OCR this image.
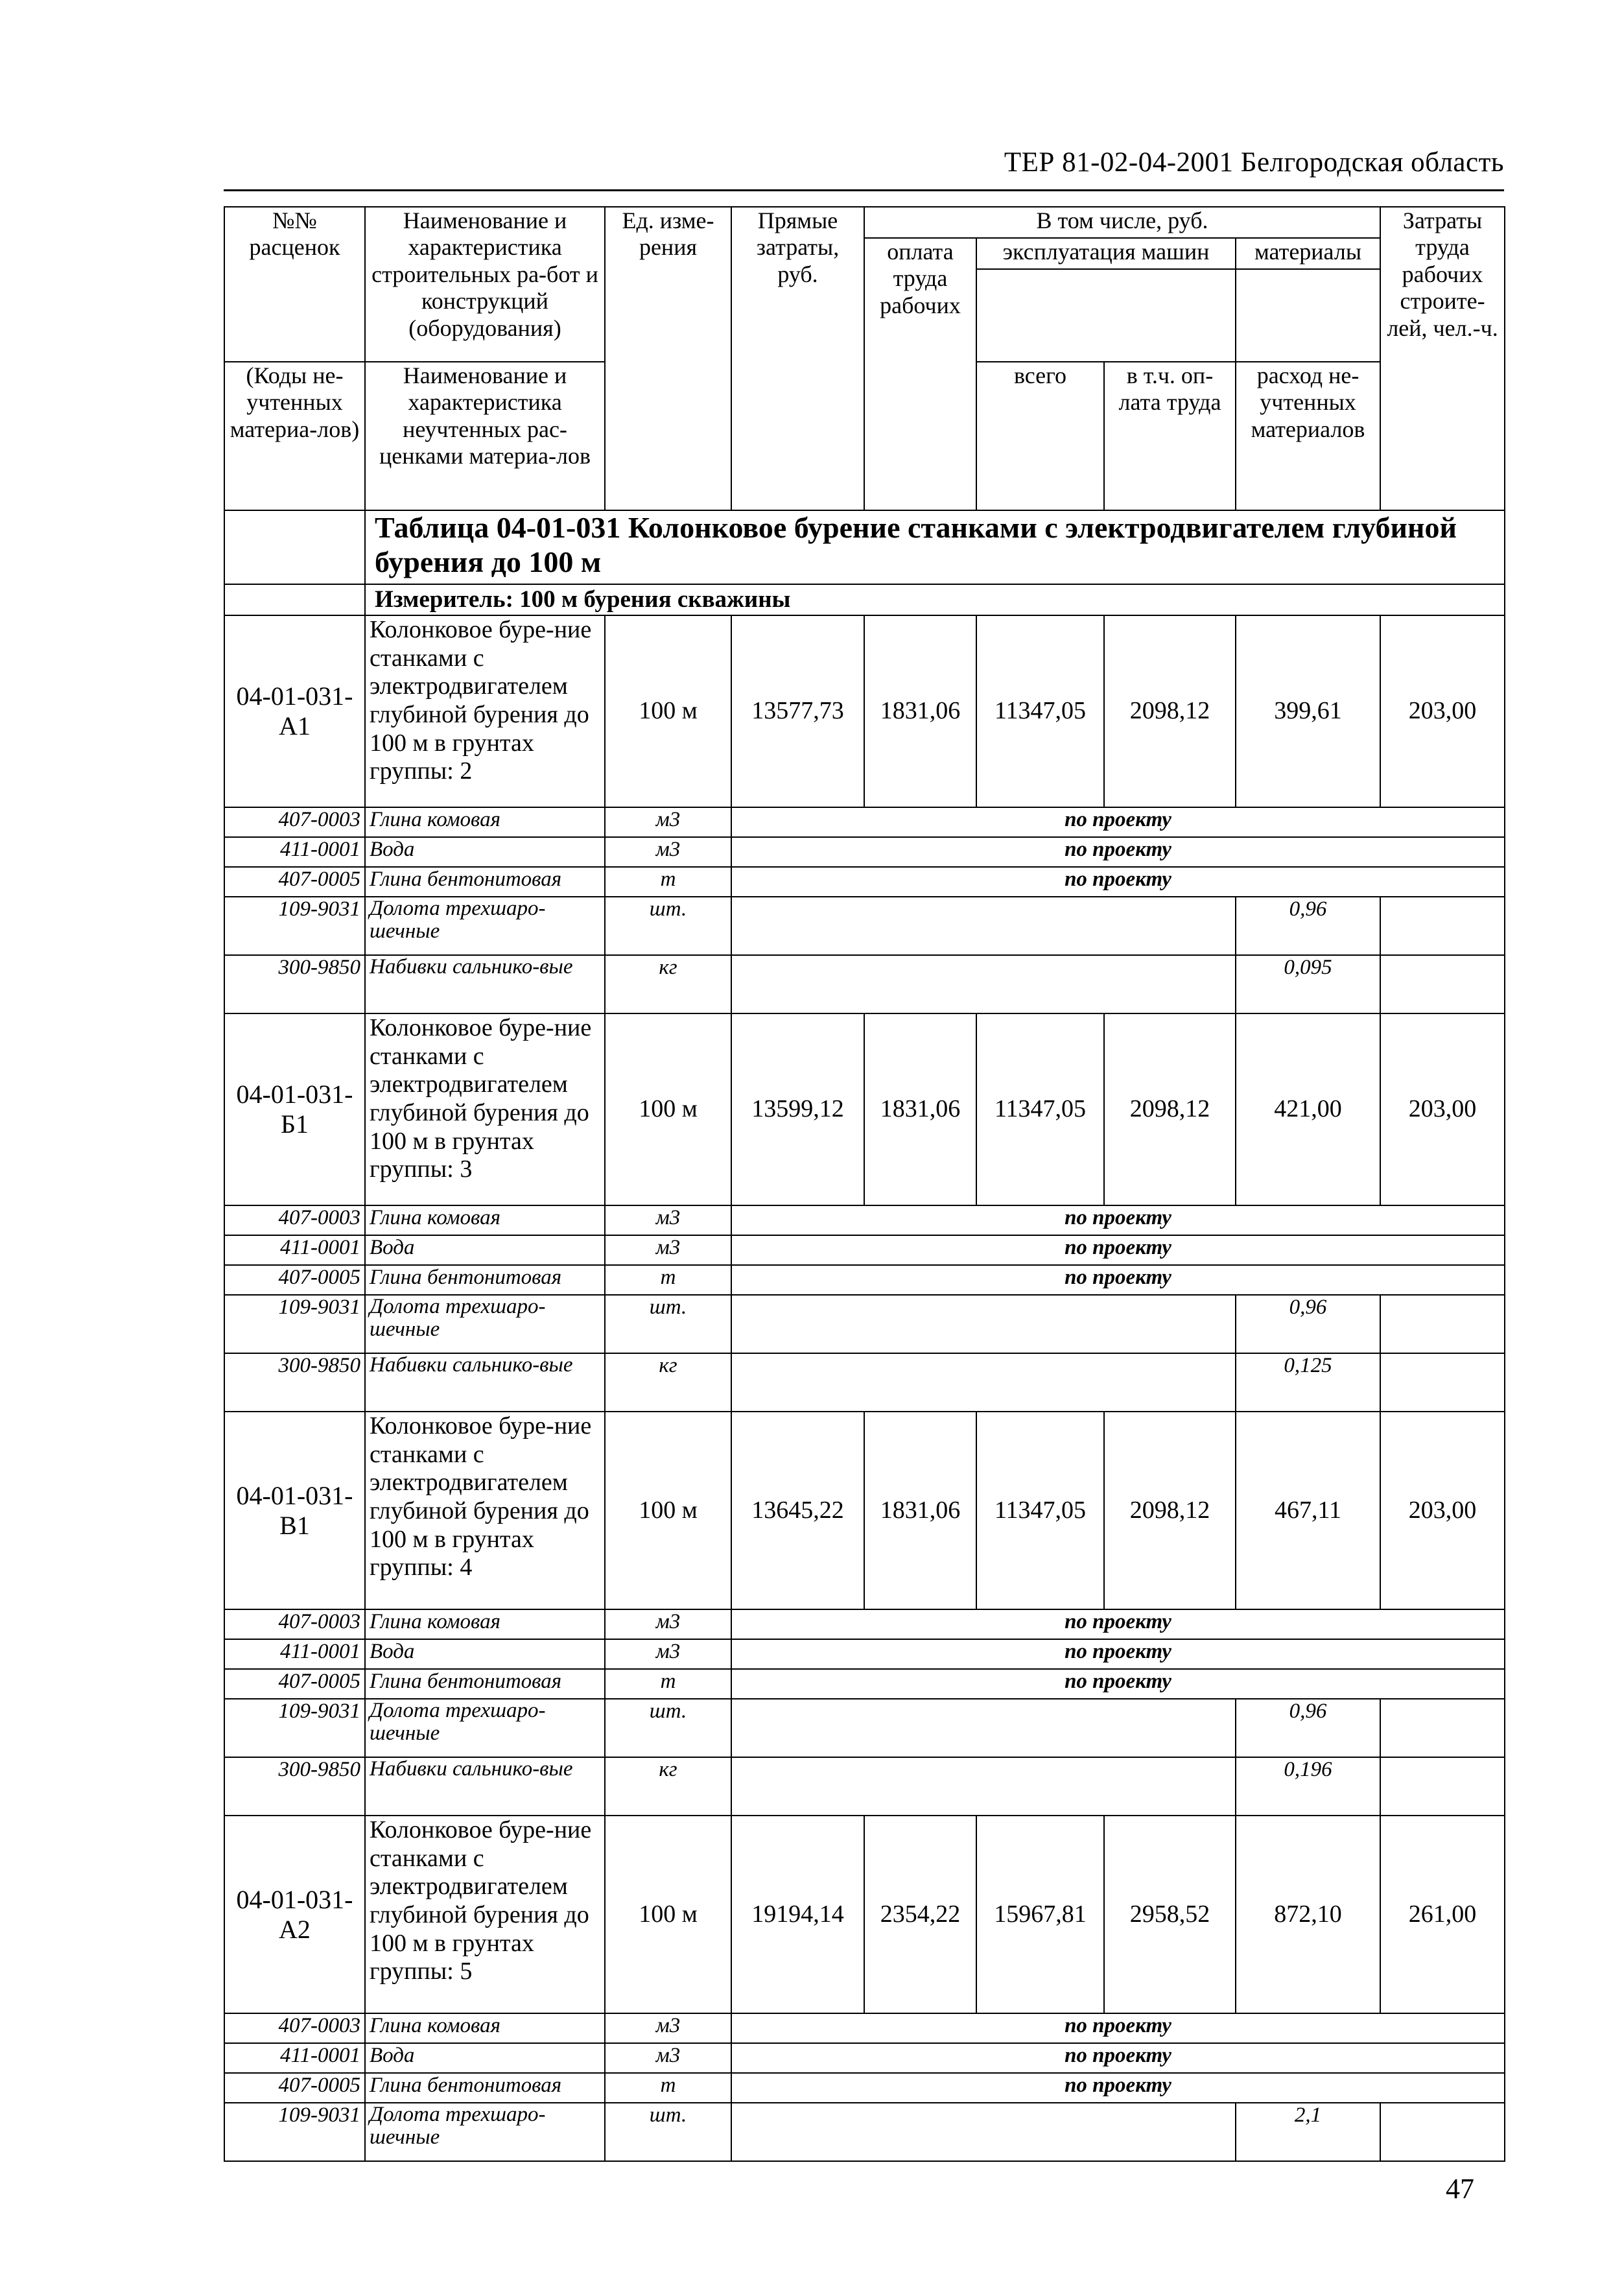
ТЕР 81-02-04-2001 Белгородская область
№№ расценок	Наименование и характеристика строительных ра-бот и конструкций (оборудования)	Ед. изме-рения	Прямые затраты, руб.	В том числе, руб.				Затраты труда рабочих строите-лей, чел.-ч.
				оплата труда рабочих	эксплуатация машин		материалы	

(Коды не-учтенных материа-лов)	Наименование и характеристика неучтенных рас-ценками материа-лов				всего	в т.ч. оп-лата труда	расход не-учтенных материалов	

	Таблица 04-01-031 Колонковое бурение станками с электродвигателем глубиной бурения до 100 м							
	Измеритель: 100 м бурения скважины							
04-01-031-А1	Колонковое буре-ние станками с электродвигателем глубиной бурения до 100 м в грунтах группы: 2	100 м	13577,73	1831,06	11347,05	2098,12	399,61	203,00
407-0003	Глина комовая	м3	по проекту					
411-0001	Вода	м3	по проекту					
407-0005	Глина бентонитовая	т	по проекту					
109-9031	Долота трехшаро-шечные	шт.					0,96	
300-9850	Набивки сальнико-вые	кг					0,095	
04-01-031-Б1	Колонковое буре-ние станками с электродвигателем глубиной бурения до 100 м в грунтах группы: 3	100 м	13599,12	1831,06	11347,05	2098,12	421,00	203,00
407-0003	Глина комовая	м3	по проекту					
411-0001	Вода	м3	по проекту					
407-0005	Глина бентонитовая	т	по проекту					
109-9031	Долота трехшаро-шечные	шт.					0,96	
300-9850	Набивки сальнико-вые	кг					0,125	
04-01-031-В1	Колонковое буре-ние станками с электродвигателем глубиной бурения до 100 м в грунтах группы: 4	100 м	13645,22	1831,06	11347,05	2098,12	467,11	203,00
407-0003	Глина комовая	м3	по проекту					
411-0001	Вода	м3	по проекту					
407-0005	Глина бентонитовая	т	по проекту					
109-9031	Долота трехшаро-шечные	шт.					0,96	
300-9850	Набивки сальнико-вые	кг					0,196	
04-01-031-А2	Колонковое буре-ние станками с электродвигателем глубиной бурения до 100 м в грунтах группы: 5	100 м	19194,14	2354,22	15967,81	2958,52	872,10	261,00
407-0003	Глина комовая	м3	по проекту					
411-0001	Вода	м3	по проекту					
407-0005	Глина бентонитовая	т	по проекту					
109-9031	Долота трехшаро-шечные	шт.					2,1	
47
